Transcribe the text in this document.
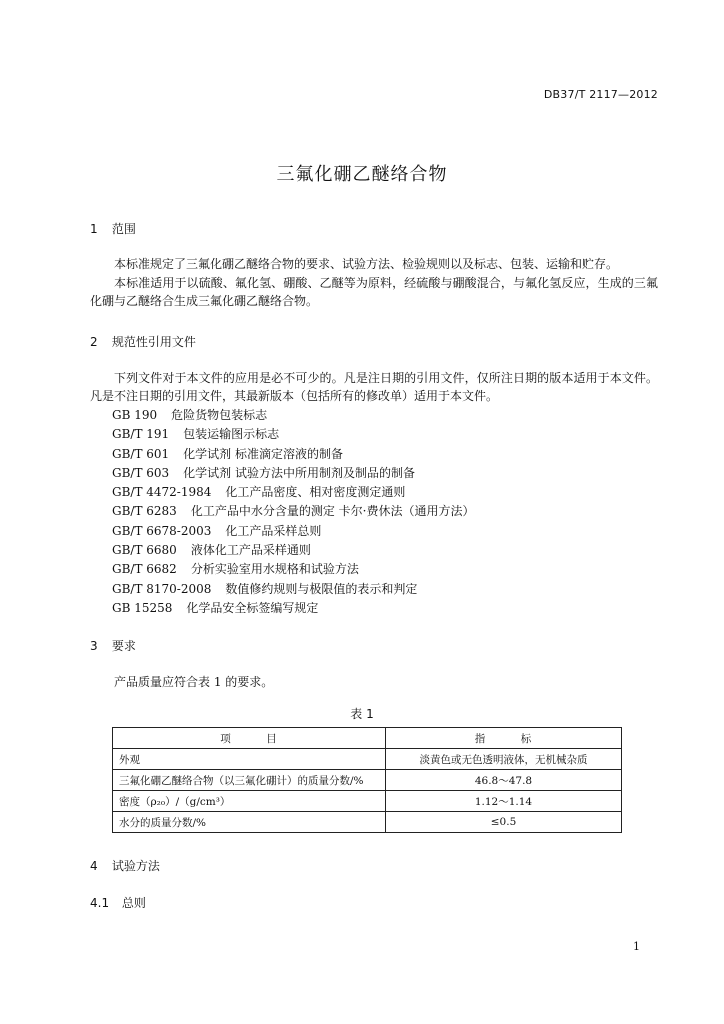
DB37/T 2117—2012
三氟化硼乙醚络合物
1 范围
本标准规定了三氟化硼乙醚络合物的要求、试验方法、检验规则以及标志、包装、运输和贮存。
本标准适用于以硫酸、氟化氢、硼酸、乙醚等为原料，经硫酸与硼酸混合，与氟化氢反应，生成的三氟化硼与乙醚络合生成三氟化硼乙醚络合物。
2 规范性引用文件
下列文件对于本文件的应用是必不可少的。凡是注日期的引用文件，仅所注日期的版本适用于本文件。凡是不注日期的引用文件，其最新版本（包括所有的修改单）适用于本文件。
GB 190 危险货物包装标志
GB/T 191 包装运输图示标志
GB/T 601 化学试剂 标准滴定溶液的制备
GB/T 603 化学试剂 试验方法中所用制剂及制品的制备
GB/T 4472-1984 化工产品密度、相对密度测定通则
GB/T 6283 化工产品中水分含量的测定 卡尔·费休法（通用方法）
GB/T 6678-2003 化工产品采样总则
GB/T 6680 液体化工产品采样通则
GB/T 6682 分析实验室用水规格和试验方法
GB/T 8170-2008 数值修约规则与极限值的表示和判定
GB 15258 化学品安全标签编写规定
3 要求
产品质量应符合表 1 的要求。
表 1
项　　　目	指　　　标
外观	淡黄色或无色透明液体，无机械杂质
三氟化硼乙醚络合物（以三氟化硼计）的质量分数/%	46.8～47.8
密度（ρ₂₀）/（g/cm³）	1.12～1.14
水分的质量分数/%	≤0.5
4 试验方法
4.1 总则
1
